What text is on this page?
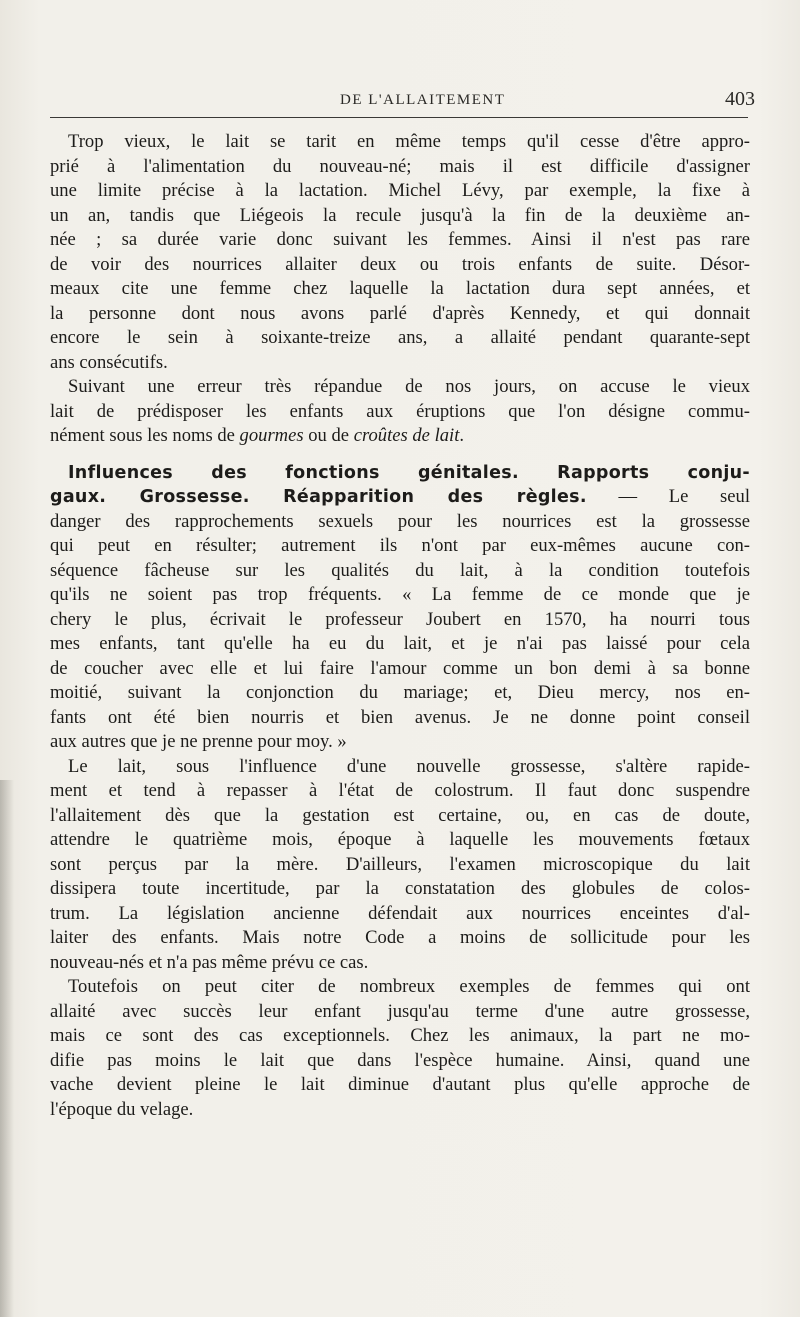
DE L'ALLAITEMENT	403

Trop vieux, le lait se tarit en même temps qu'il cesse d'être appro-
prié à l'alimentation du nouveau-né; mais il est difficile d'assigner
une limite précise à la lactation. Michel Lévy, par exemple, la fixe à
un an, tandis que Liégeois la recule jusqu'à la fin de la deuxième an-
née ; sa durée varie donc suivant les femmes. Ainsi il n'est pas rare
de voir des nourrices allaiter deux ou trois enfants de suite. Désor-
meaux cite une femme chez laquelle la lactation dura sept années, et
la personne dont nous avons parlé d'après Kennedy, et qui donnait
encore le sein à soixante-treize ans, a allaité pendant quarante-sept
ans consécutifs.

Suivant une erreur très répandue de nos jours, on accuse le vieux
lait de prédisposer les enfants aux éruptions que l'on désigne commu-
nément sous les noms de gourmes ou de croûtes de lait.

Influences des fonctions génitales. Rapports conju-
gaux. Grossesse. Réapparition des règles. — Le seul
danger des rapprochements sexuels pour les nourrices est la grossesse
qui peut en résulter; autrement ils n'ont par eux-mêmes aucune con-
séquence fâcheuse sur les qualités du lait, à la condition toutefois
qu'ils ne soient pas trop fréquents. « La femme de ce monde que je
chery le plus, écrivait le professeur Joubert en 1570, ha nourri tous
mes enfants, tant qu'elle ha eu du lait, et je n'ai pas laissé pour cela
de coucher avec elle et lui faire l'amour comme un bon demi à sa bonne
moitié, suivant la conjonction du mariage; et, Dieu mercy, nos en-
fants ont été bien nourris et bien avenus. Je ne donne point conseil
aux autres que je ne prenne pour moy. »

Le lait, sous l'influence d'une nouvelle grossesse, s'altère rapide-
ment et tend à repasser à l'état de colostrum. Il faut donc suspendre
l'allaitement dès que la gestation est certaine, ou, en cas de doute,
attendre le quatrième mois, époque à laquelle les mouvements fœtaux
sont perçus par la mère. D'ailleurs, l'examen microscopique du lait
dissipera toute incertitude, par la constatation des globules de colos-
trum. La législation ancienne défendait aux nourrices enceintes d'al-
laiter des enfants. Mais notre Code a moins de sollicitude pour les
nouveau-nés et n'a pas même prévu ce cas.

Toutefois on peut citer de nombreux exemples de femmes qui ont
allaité avec succès leur enfant jusqu'au terme d'une autre grossesse,
mais ce sont des cas exceptionnels. Chez les animaux, la part ne mo-
difie pas moins le lait que dans l'espèce humaine. Ainsi, quand une
vache devient pleine le lait diminue d'autant plus qu'elle approche de
l'époque du velage.
